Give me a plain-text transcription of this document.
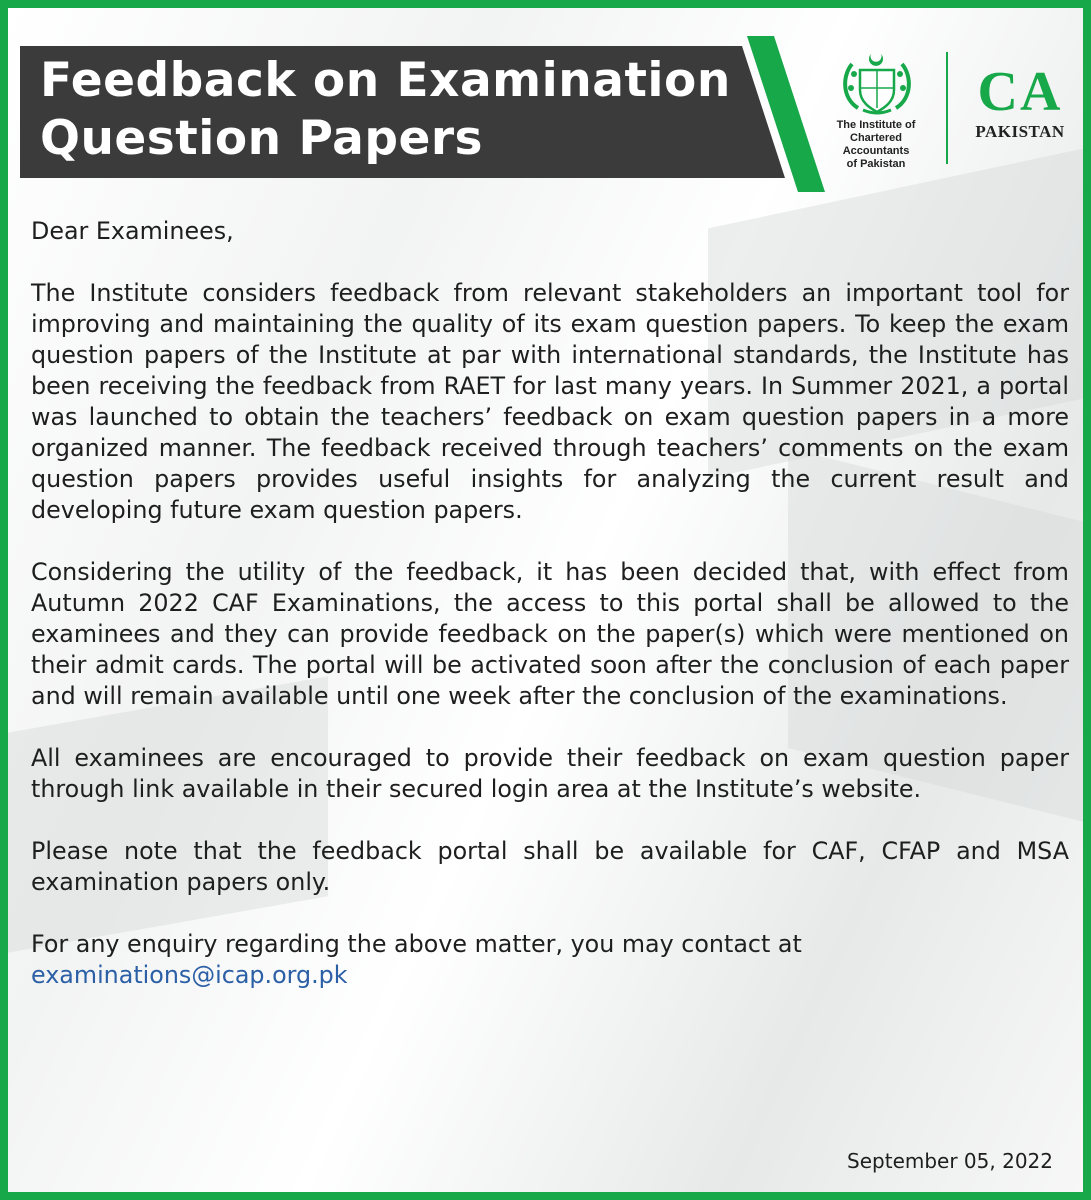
Feedback on Examination
Question Papers	The Institute of
Chartered Accountants
of Pakistan
CA
PAKISTAN

Dear Examinees,

The Institute considers feedback from relevant stakeholders an important tool for improving and maintaining the quality of its exam question papers. To keep the exam question papers of the Institute at par with international standards, the Institute has been receiving the feedback from RAET for last many years. In Summer 2021, a portal was launched to obtain the teachers’ feedback on exam question papers in a more organized manner. The feedback received through teachers’ comments on the exam question papers provides useful insights for analyzing the current result and developing future exam question papers.

Considering the utility of the feedback, it has been decided that, with effect from Autumn 2022 CAF Examinations, the access to this portal shall be allowed to the examinees and they can provide feedback on the paper(s) which were mentioned on their admit cards. The portal will be activated soon after the conclusion of each paper and will remain available until one week after the conclusion of the examinations.

All examinees are encouraged to provide their feedback on exam question paper through link available in their secured login area at the Institute’s website.

Please note that the feedback portal shall be available for CAF, CFAP and MSA examination papers only.

For any enquiry regarding the above matter, you may contact at
examinations@icap.org.pk

September 05, 2022
